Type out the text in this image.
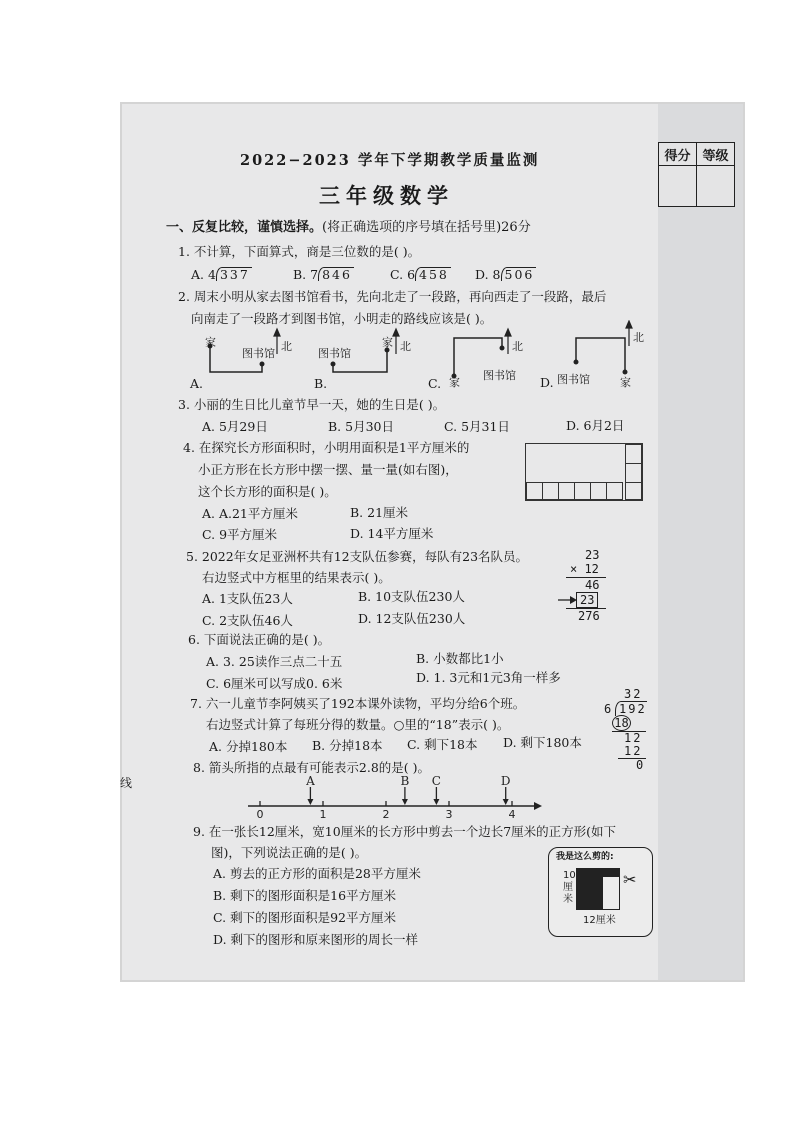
得分	等级

2022−2023 学年下学期教学质量监测
三年级数学
一、反复比较，谨慎选择。(将正确选项的序号填在括号里)26分
1. 不计算，下面算式，商是三位数的是( )。
A. 4 337	B. 7 846	C. 6 458 D. 8 506
2. 周末小明从家去图书馆看书，先向北走了一段路，再向西走了一段路，最后
向南走了一段路才到图书馆，小明走的路线应该是( )。
家
图书馆
北
A.
图书馆
家 北
B.	C. 家
图书馆
北
D. 图书馆	家
北
3. 小丽的生日比儿童节早一天，她的生日是( )。
A. 5月29日	B. 5月30日	C. 5月31日	D. 6月2日
4. 在探究长方形面积时，小明用面积是1平方厘米的
小正方形在长方形中摆一摆、量一量(如右图)，
这个长方形的面积是( )。
A. A.21平方厘米	B. 21厘米
C. 9平方厘米	D. 14平方厘米
5. 2022年女足亚洲杯共有12支队伍参赛，每队有23名队员。
右边竖式中方框里的结果表示( )。
A. 1支队伍23人	B. 10支队伍230人
C. 2支队伍46人	D. 12支队伍230人
23
× 12
46
23
276
6. 下面说法正确的是( )。
A. 3. 25读作三点二十五	B. 小数都比1小
C. 6厘米可以写成0. 6米	D. 1. 3元和1元3角一样多
7. 六一儿童节李阿姨买了192本课外读物，平均分给6个班。
右边竖式计算了每班分得的数量。○里的“18”表示( )。
A. 分掉180本 B. 分掉18本 C. 剩下18本 D. 剩下180本
32
6 192
18
12
12
0
8. 箭头所指的点最有可能表示2.8的是( )。
0	1	2	3	4
A	B C	D
9. 在一张长12厘米，宽10厘米的长方形中剪去一个边长7厘米的正方形(如下
图)，下列说法正确的是( )。
A. 剪去的正方形的面积是28平方厘米
B. 剩下的图形面积是16平方厘米
C. 剩下的图形面积是92平方厘米
D. 剩下的图形和原来图形的周长一样
我是这么剪的:
10厘米
12厘米
✂
线
